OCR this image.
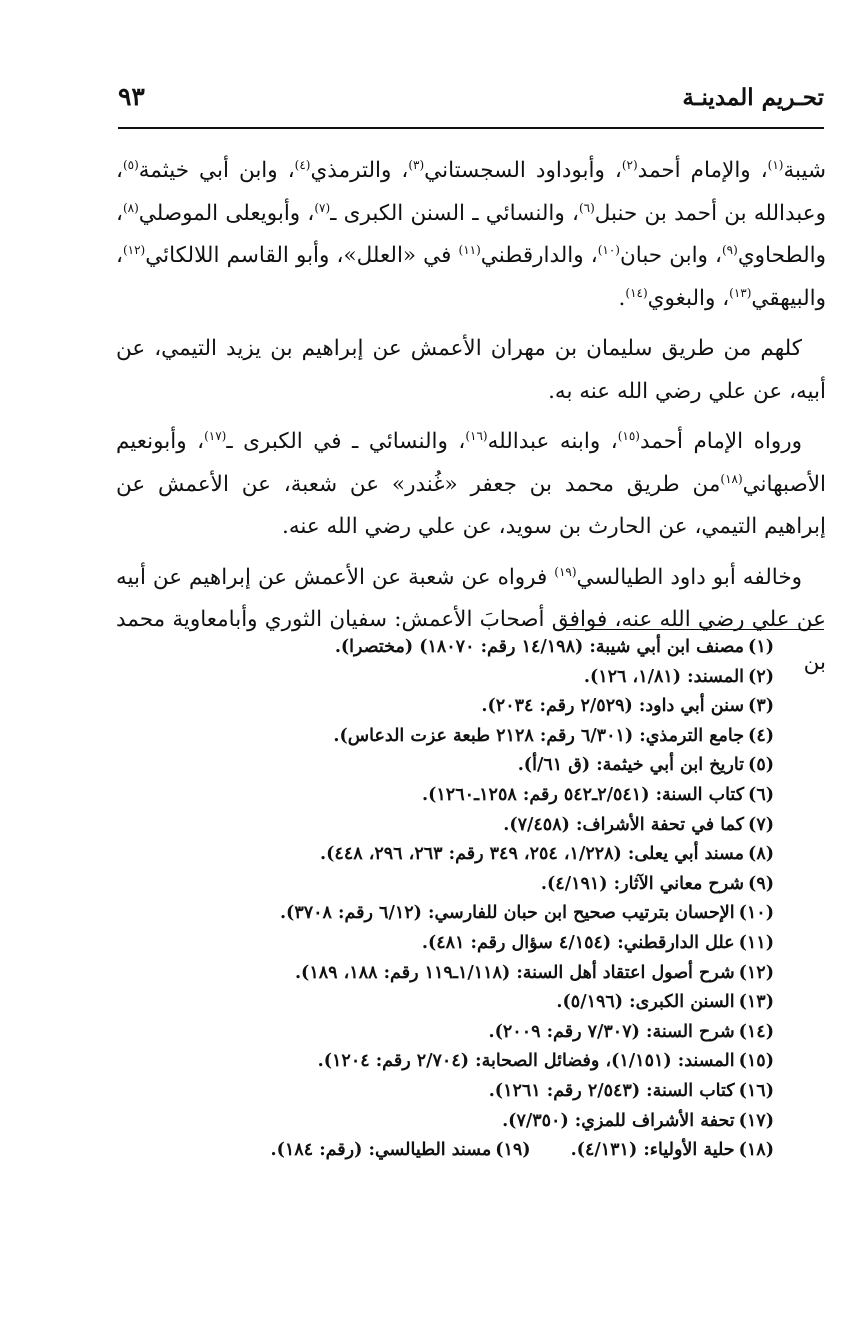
تحـريم المدينـة
٩٣

شيبة$^{(١)}$، والإمام أحمد$^{(٢)}$، وأبوداود السجستاني$^{(٣)}$، والترمذي$^{(٤)}$، وابن أبي خيثمة$^{(٥)}$، وعبدالله بن أحمد بن حنبل$^{(٦)}$، والنسائي ـ السنن الكبرى ـ$^{(٧)}$، وأبويعلى الموصلي$^{(٨)}$، والطحاوي$^{(٩)}$، وابن حبان$^{(١٠)}$، والدارقطني$^{(١١)}$ في «العلل»، وأبو القاسم اللالكائي$^{(١٢)}$، والبيهقي$^{(١٣)}$، والبغوي$^{(١٤)}$.

كلهم من طريق سليمان بن مهران الأعمش عن إبراهيم بن يزيد التيمي، عن أبيه، عن علي رضي الله عنه به.

ورواه الإمام أحمد$^{(١٥)}$، وابنه عبدالله$^{(١٦)}$، والنسائي ـ في الكبرى ـ$^{(١٧)}$، وأبونعيم الأصبهاني$^{(١٨)}$من طريق محمد بن جعفر «غُندر» عن شعبة، عن الأعمش عن إبراهيم التيمي، عن الحارث بن سويد، عن علي رضي الله عنه.

وخالفه أبو داود الطيالسي$^{(١٩)}$ فرواه عن شعبة عن الأعمش عن إبراهيم عن أبيه عن علي رضي الله عنه، فوافق أصحابَ الأعمش: سفيان الثوري وأبامعاوية محمد بن

(١)مصنف ابن أبي شيبة: (١٤/١٩٨ رقم: ١٨٠٧٠) (مختصرا).
(٢)المسند: (١/٨١، ١٢٦).
(٣)سنن أبي داود: (٢/٥٢٩ رقم: ٢٠٣٤).
(٤)جامع الترمذي: (٦/٣٠١ رقم: ٢١٢٨ طبعة عزت الدعاس).
(٥)تاريخ ابن أبي خيثمة: (ق ٦١/أ).
(٦)كتاب السنة: (٢/٥٤١ـ٥٤٢ رقم: ١٢٥٨ـ١٢٦٠).
(٧)كما في تحفة الأشراف: (٧/٤٥٨).
(٨)مسند أبي يعلى: (١/٢٢٨، ٢٥٤، ٣٤٩ رقم: ٢٦٣، ٢٩٦، ٤٤٨).
(٩)شرح معاني الآثار: (٤/١٩١).
(١٠)الإحسان بترتيب صحيح ابن حبان للفارسي: (٦/١٢ رقم: ٣٧٠٨).
(١١)علل الدارقطني: (٤/١٥٤ سؤال رقم: ٤٨١).
(١٢)شرح أصول اعتقاد أهل السنة: (١/١١٨ـ١١٩ رقم: ١٨٨، ١٨٩).
(١٣)السنن الكبرى: (٥/١٩٦).
(١٤)شرح السنة: (٧/٣٠٧ رقم: ٢٠٠٩).
(١٥)المسند: (١/١٥١)، وفضائل الصحابة: (٢/٧٠٤ رقم: ١٢٠٤).
(١٦)كتاب السنة: (٢/٥٤٣ رقم: ١٢٦١).
(١٧)تحفة الأشراف للمزي: (٧/٣٥٠).
(١٨)حلية الأولياء: (٤/١٣١).(١٩)مسند الطيالسي: (رقم: ١٨٤).
